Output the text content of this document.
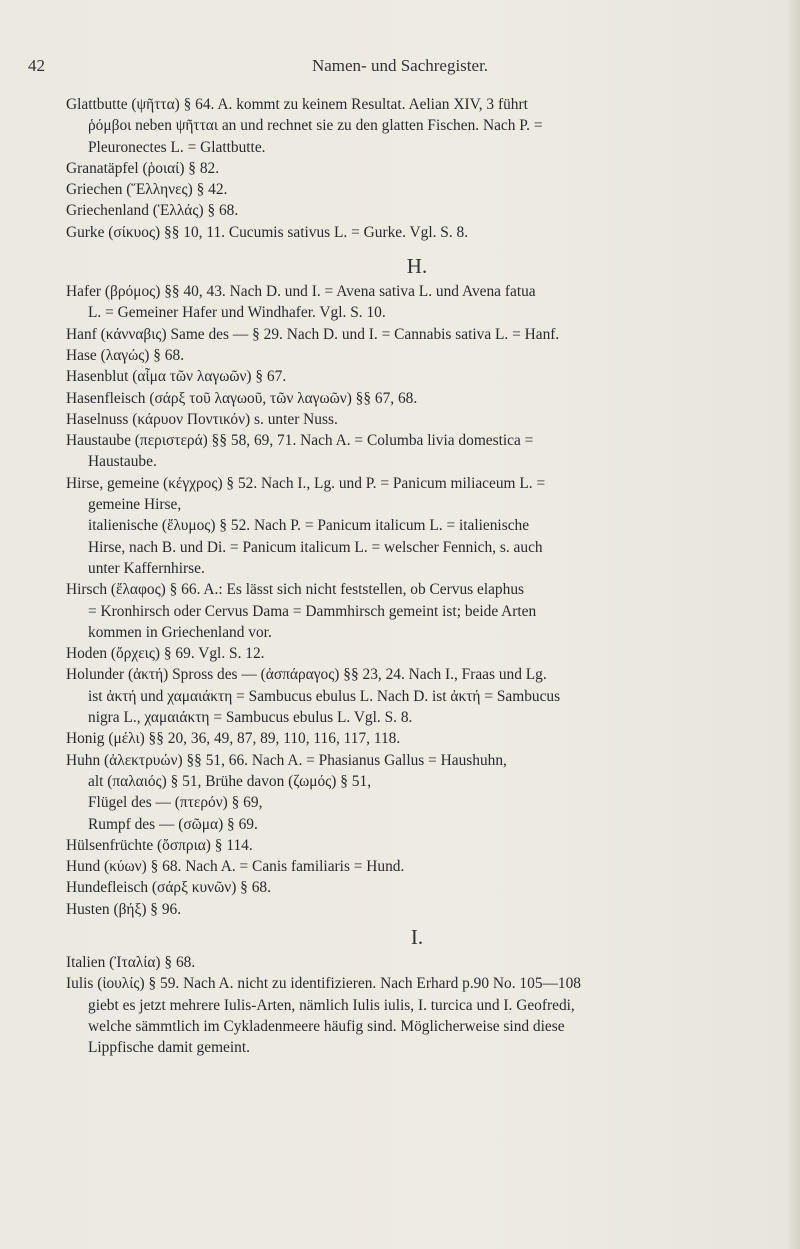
Namen- und Sachregister.
42
Glattbutte (ψῆττα) § 64. A. kommt zu keinem Resultat. Aelian XIV, 3 führt
ῥόμβοι neben ψῆτται an und rechnet sie zu den glatten Fischen. Nach P. =
Pleuronectes L. = Glattbutte.
Granatäpfel (ῥοιαί) § 82.
Griechen (Ἕλληνες) § 42.
Griechenland (Ἑλλάς) § 68.
Gurke (σίκυος) §§ 10, 11. Cucumis sativus L. = Gurke. Vgl. S. 8.
H.
Hafer (βρόμος) §§ 40, 43. Nach D. und I. = Avena sativa L. und Avena fatua
L. = Gemeiner Hafer und Windhafer. Vgl. S. 10.
Hanf (κάνναβις) Same des — § 29. Nach D. und I. = Cannabis sativa L. = Hanf.
Hase (λαγώς) § 68.
Hasenblut (αἷμα τῶν λαγωῶν) § 67.
Hasenfleisch (σάρξ τοῦ λαγωοῦ, τῶν λαγωῶν) §§ 67, 68.
Haselnuss (κάρυον Ποντικόν) s. unter Nuss.
Haustaube (περιστερά) §§ 58, 69, 71. Nach A. = Columba livia domestica =
Haustaube.
Hirse, gemeine (κέγχρος) § 52. Nach I., Lg. und P. = Panicum miliaceum L. =
gemeine Hirse,
italienische (ἔλυμος) § 52. Nach P. = Panicum italicum L. = italienische
Hirse, nach B. und Di. = Panicum italicum L. = welscher Fennich, s. auch
unter Kaffernhirse.
Hirsch (ἔλαφος) § 66. A.: Es lässt sich nicht feststellen, ob Cervus elaphus
= Kronhirsch oder Cervus Dama = Dammhirsch gemeint ist; beide Arten
kommen in Griechenland vor.
Hoden (ὄρχεις) § 69. Vgl. S. 12.
Holunder (ἀκτή) Spross des — (ἀσπάραγος) §§ 23, 24. Nach I., Fraas und Lg.
ist ἀκτή und χαμαιάκτη = Sambucus ebulus L. Nach D. ist ἀκτή = Sambucus
nigra L., χαμαιάκτη = Sambucus ebulus L. Vgl. S. 8.
Honig (μέλι) §§ 20, 36, 49, 87, 89, 110, 116, 117, 118.
Huhn (ἀλεκτρυών) §§ 51, 66. Nach A. = Phasianus Gallus = Haushuhn,
alt (παλαιός) § 51, Brühe davon (ζωμός) § 51,
Flügel des — (πτερόν) § 69,
Rumpf des — (σῶμα) § 69.
Hülsenfrüchte (ὄσπρια) § 114.
Hund (κύων) § 68. Nach A. = Canis familiaris = Hund.
Hundefleisch (σάρξ κυνῶν) § 68.
Husten (βήξ) § 96.
I.
Italien (Ἰταλία) § 68.
Iulis (ἰουλίς) § 59. Nach A. nicht zu identifizieren. Nach Erhard p.90 No. 105—108
giebt es jetzt mehrere Iulis-Arten, nämlich Iulis iulis, I. turcica und I. Geofredi,
welche sämmtlich im Cykladenmeere häufig sind. Möglicherweise sind diese
Lippfische damit gemeint.
